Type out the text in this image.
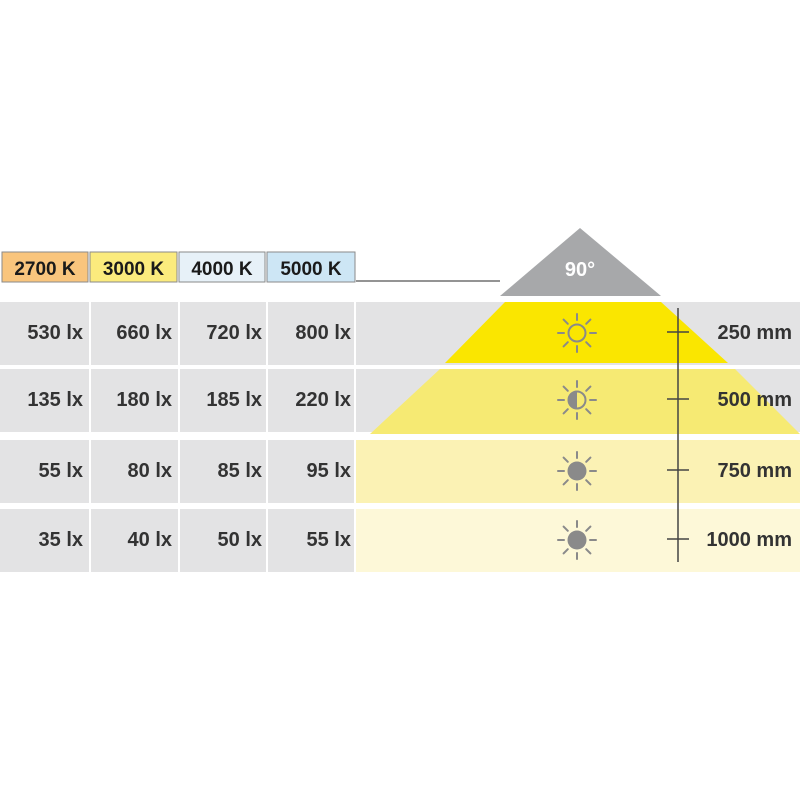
90°
2700 K 3000 K 4000 K 5000 K
530 lx 660 lx 720 lx 800 lx
135 lx 180 lx 185 lx 220 lx
55 lx 80 lx 85 lx 95 lx
35 lx 40 lx 50 lx 55 lx
250 mm
500 mm
750 mm
1000 mm
